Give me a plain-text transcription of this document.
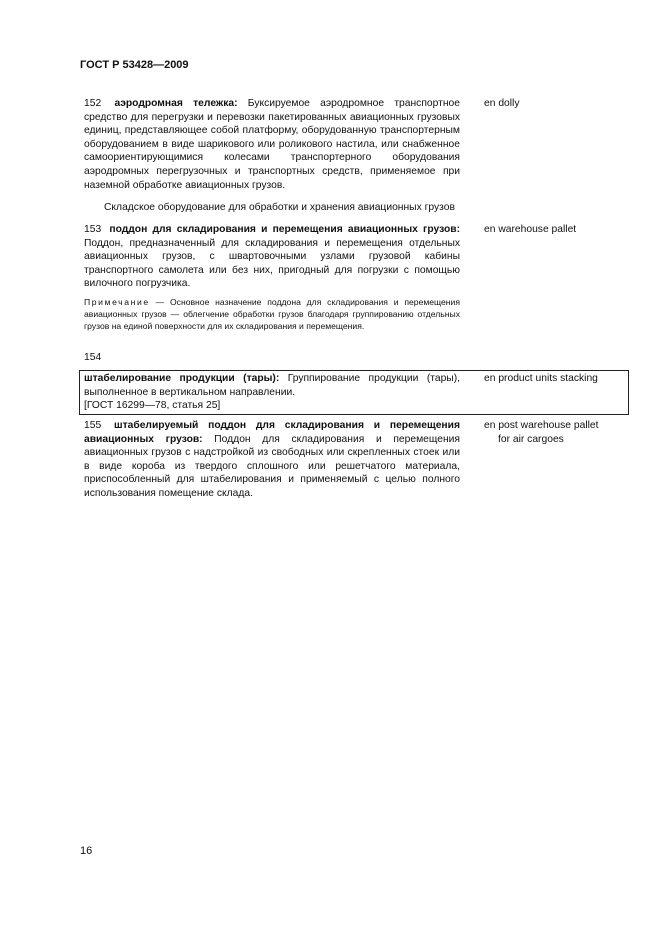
ГОСТ Р 53428—2009
152 аэродромная тележка: Буксируемое аэродромное транспортное средство для перегрузки и перевозки пакетированных авиационных грузовых единиц, представляющее собой платформу, оборудованную транспортерным оборудованием в виде шарикового или роликового настила, или снабженное самоориентирующимися колесами транспортерного оборудования аэродромных перегрузочных и транспортных средств, применяемое при наземной обработке авиационных грузов.
en dolly
Складское оборудование для обработки и хранения авиационных грузов
153 поддон для складирования и перемещения авиационных грузов: Поддон, предназначенный для складирования и перемещения отдельных авиационных грузов, с швартовочными узлами грузовой кабины транспортного самолета или без них, пригодный для погрузки с помощью вилочного погрузчика.
en warehouse pallet
Примечание — Основное назначение поддона для складирования и перемещения авиационных грузов — облегчение обработки грузов благодаря группированию отдельных грузов на единой поверхности для их складирования и перемещения.
154
штабелирование продукции (тары): Группирование продукции (тары), выполненное в вертикальном направлении.
[ГОСТ 16299—78, статья 25]
en product units stacking
155 штабелируемый поддон для складирования и перемещения авиационных грузов: Поддон для складирования и перемещения авиационных грузов с надстройкой из свободных или скрепленных стоек или в виде короба из твердого сплошного или решетчатого материала, приспособленный для штабелирования и применяемый с целью полного использования помещение склада.
en post warehouse pallet

for air cargoes
16
